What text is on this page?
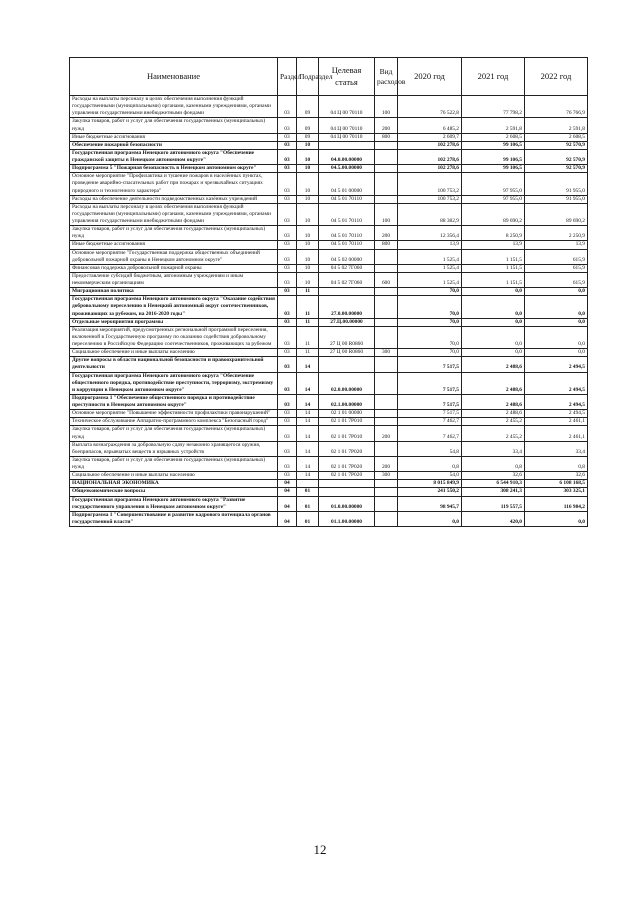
Наименование	Раздел	Подраздел	Целевая статья	Вид расходов	2020 год	2021 год	2022 год
Расходы на выплаты персоналу в целях обеспечения выполнения функций государственными (муниципальными) органами, казенными учреждениями, органами управления государственными внебюджетными фондами	03	09	04 Ц 00 70110	100	76 522,8	77 798,2	76 766,9
Закупка товаров, работ и услуг для обеспечения государственных (муниципальных) нужд	03	09	04 Ц 00 70110	200	6 485,2	2 591,8	2 591,8
Иные бюджетные ассигнования	03	09	04 Ц 00 70110	800	2 609,7	2 608,5	2 608,5
Обеспечение пожарной безопасности	03	10			102 278,6	99 106,5	92 570,9
Государственная программа Ненецкого автономного округа "Обеспечение гражданской защиты в Ненецком автономном округе"	03	10	04.0.00.00000		102 278,6	99 106,5	92 570,9
Подпрограмма 5 "Пожарная безопасность в Ненецком автономном округе"	03	10	04.5.00.00000		102 278,6	99 106,5	92 570,9
Основное мероприятие "Профилактика и тушение пожаров в населённых пунктах, проведение аварийно-спасательных работ при пожарах и чрезвычайных ситуациях природного и техногенного характера"	03	10	04 5 01 00000		100 753,2	97 955,0	91 955,0
Расходы на обеспечение деятельности подведомственных казённых учреждений	03	10	04 5 01 70110		100 753,2	97 955,0	91 955,0
Расходы на выплаты персоналу в целях обеспечения выполнения функций государственными (муниципальными) органами, казенными учреждениями, органами управления государственными внебюджетными фондами	03	10	04 5 01 70110	100	88 382,9	89 690,2	89 690,2
Закупка товаров, работ и услуг для обеспечения государственных (муниципальных) нужд	03	10	04 5 01 70110	200	12 356,4	8 250,9	2 250,9
Иные бюджетные ассигнования	03	10	04 5 01 70110	800	13,9	13,9	13,9
Основное мероприятие "Государственная поддержка общественных объединений добровольной пожарной охраны в Ненецком автономном округе"	03	10	04 5 02 00000		1 525,4	1 151,5	615,9
Финансовая поддержка добровольной пожарной охраны	03	10	04 5 02 7Г060		1 525,4	1 151,5	615,9
Предоставление субсидий бюджетным, автономным учреждениям и иным некоммерческим организациям	03	10	04 5 02 7Г060	600	1 525,4	1 151,5	615,9
Миграционная политика	03	11			70,0	0,0	0,0
Государственная программа Ненецкого автономного округа "Оказание содействия добровольному переселению в Ненецкий автономный округ соотечественников, проживающих за рубежом, на 2016-2020 годы"	03	11	27.0.00.00000		70,0	0,0	0,0
Отдельные мероприятия программы	03	11	27.Ц.00.00000		70,0	0,0	0,0
Реализация мероприятий, предусмотренных региональной программой переселения, включенной в Государственную программу по оказанию содействия добровольному переселению в Российскую Федерацию соотечественников, проживающих за рубежом	03	11	27 Ц 00 R0860		70,0	0,0	0,0
Социальное обеспечение и иные выплаты населению	03	11	27 Ц 00 R0860	300	70,0	0,0	0,0
Другие вопросы в области национальной безопасности и правоохранительной деятельности	03	14			7 517,5	2 488,6	2 494,5
Государственная программа Ненецкого автономного округа "Обеспечение общественного порядка, противодействие преступности, терроризму, экстремизму и коррупции в Ненецком автономном округе"	03	14	02.0.00.00000		7 517,5	2 488,6	2 494,5
Подпрограмма 1 "Обеспечение общественного порядка и противодействие преступности в Ненецком автономном округе"	03	14	02.1.00.00000		7 517,5	2 488,6	2 494,5
Основное мероприятие "Повышение эффективности профилактики правонарушений"	03	14	02 1 01 00000		7 517,5	2 488,6	2 494,5
Техническое обслуживание Аппаратно-программного комплекса "Безопасный город"	03	14	02 1 01 7Р010		7 462,7	2 455,2	2 461,1
Закупка товаров, работ и услуг для обеспечения государственных (муниципальных) нужд	03	14	02 1 01 7Р010	200	7 462,7	2 455,2	2 461,1
Выплата вознаграждения за добровольную сдачу незаконно хранящегося оружия, боеприпасов, взрывчатых веществ и взрывных устройств	03	14	02 1 01 7Р020		54,8	33,4	33,4
Закупка товаров, работ и услуг для обеспечения государственных (муниципальных) нужд	03	14	02 1 01 7Р020	200	0,8	0,8	0,8
Социальное обеспечение и иные выплаты населению	03	14	02 1 01 7Р020	300	54,0	32,6	32,6
НАЦИОНАЛЬНАЯ ЭКОНОМИКА	04				8 015 849,9	6 544 910,3	6 108 168,5
Общеэкономические вопросы	04	01			241 550,2	308 241,3	303 325,1
Государственная программа Ненецкого автономного округа "Развитие государственного управления в Ненецком автономном округе"	04	01	01.0.00.00000		98 945,7	119 557,5	116 984,2
Подпрограмма 1 "Совершенствование и развитие кадрового потенциала органов государственной власти"	04	01	01.1.00.00000		0,0	420,0	0,0
12
